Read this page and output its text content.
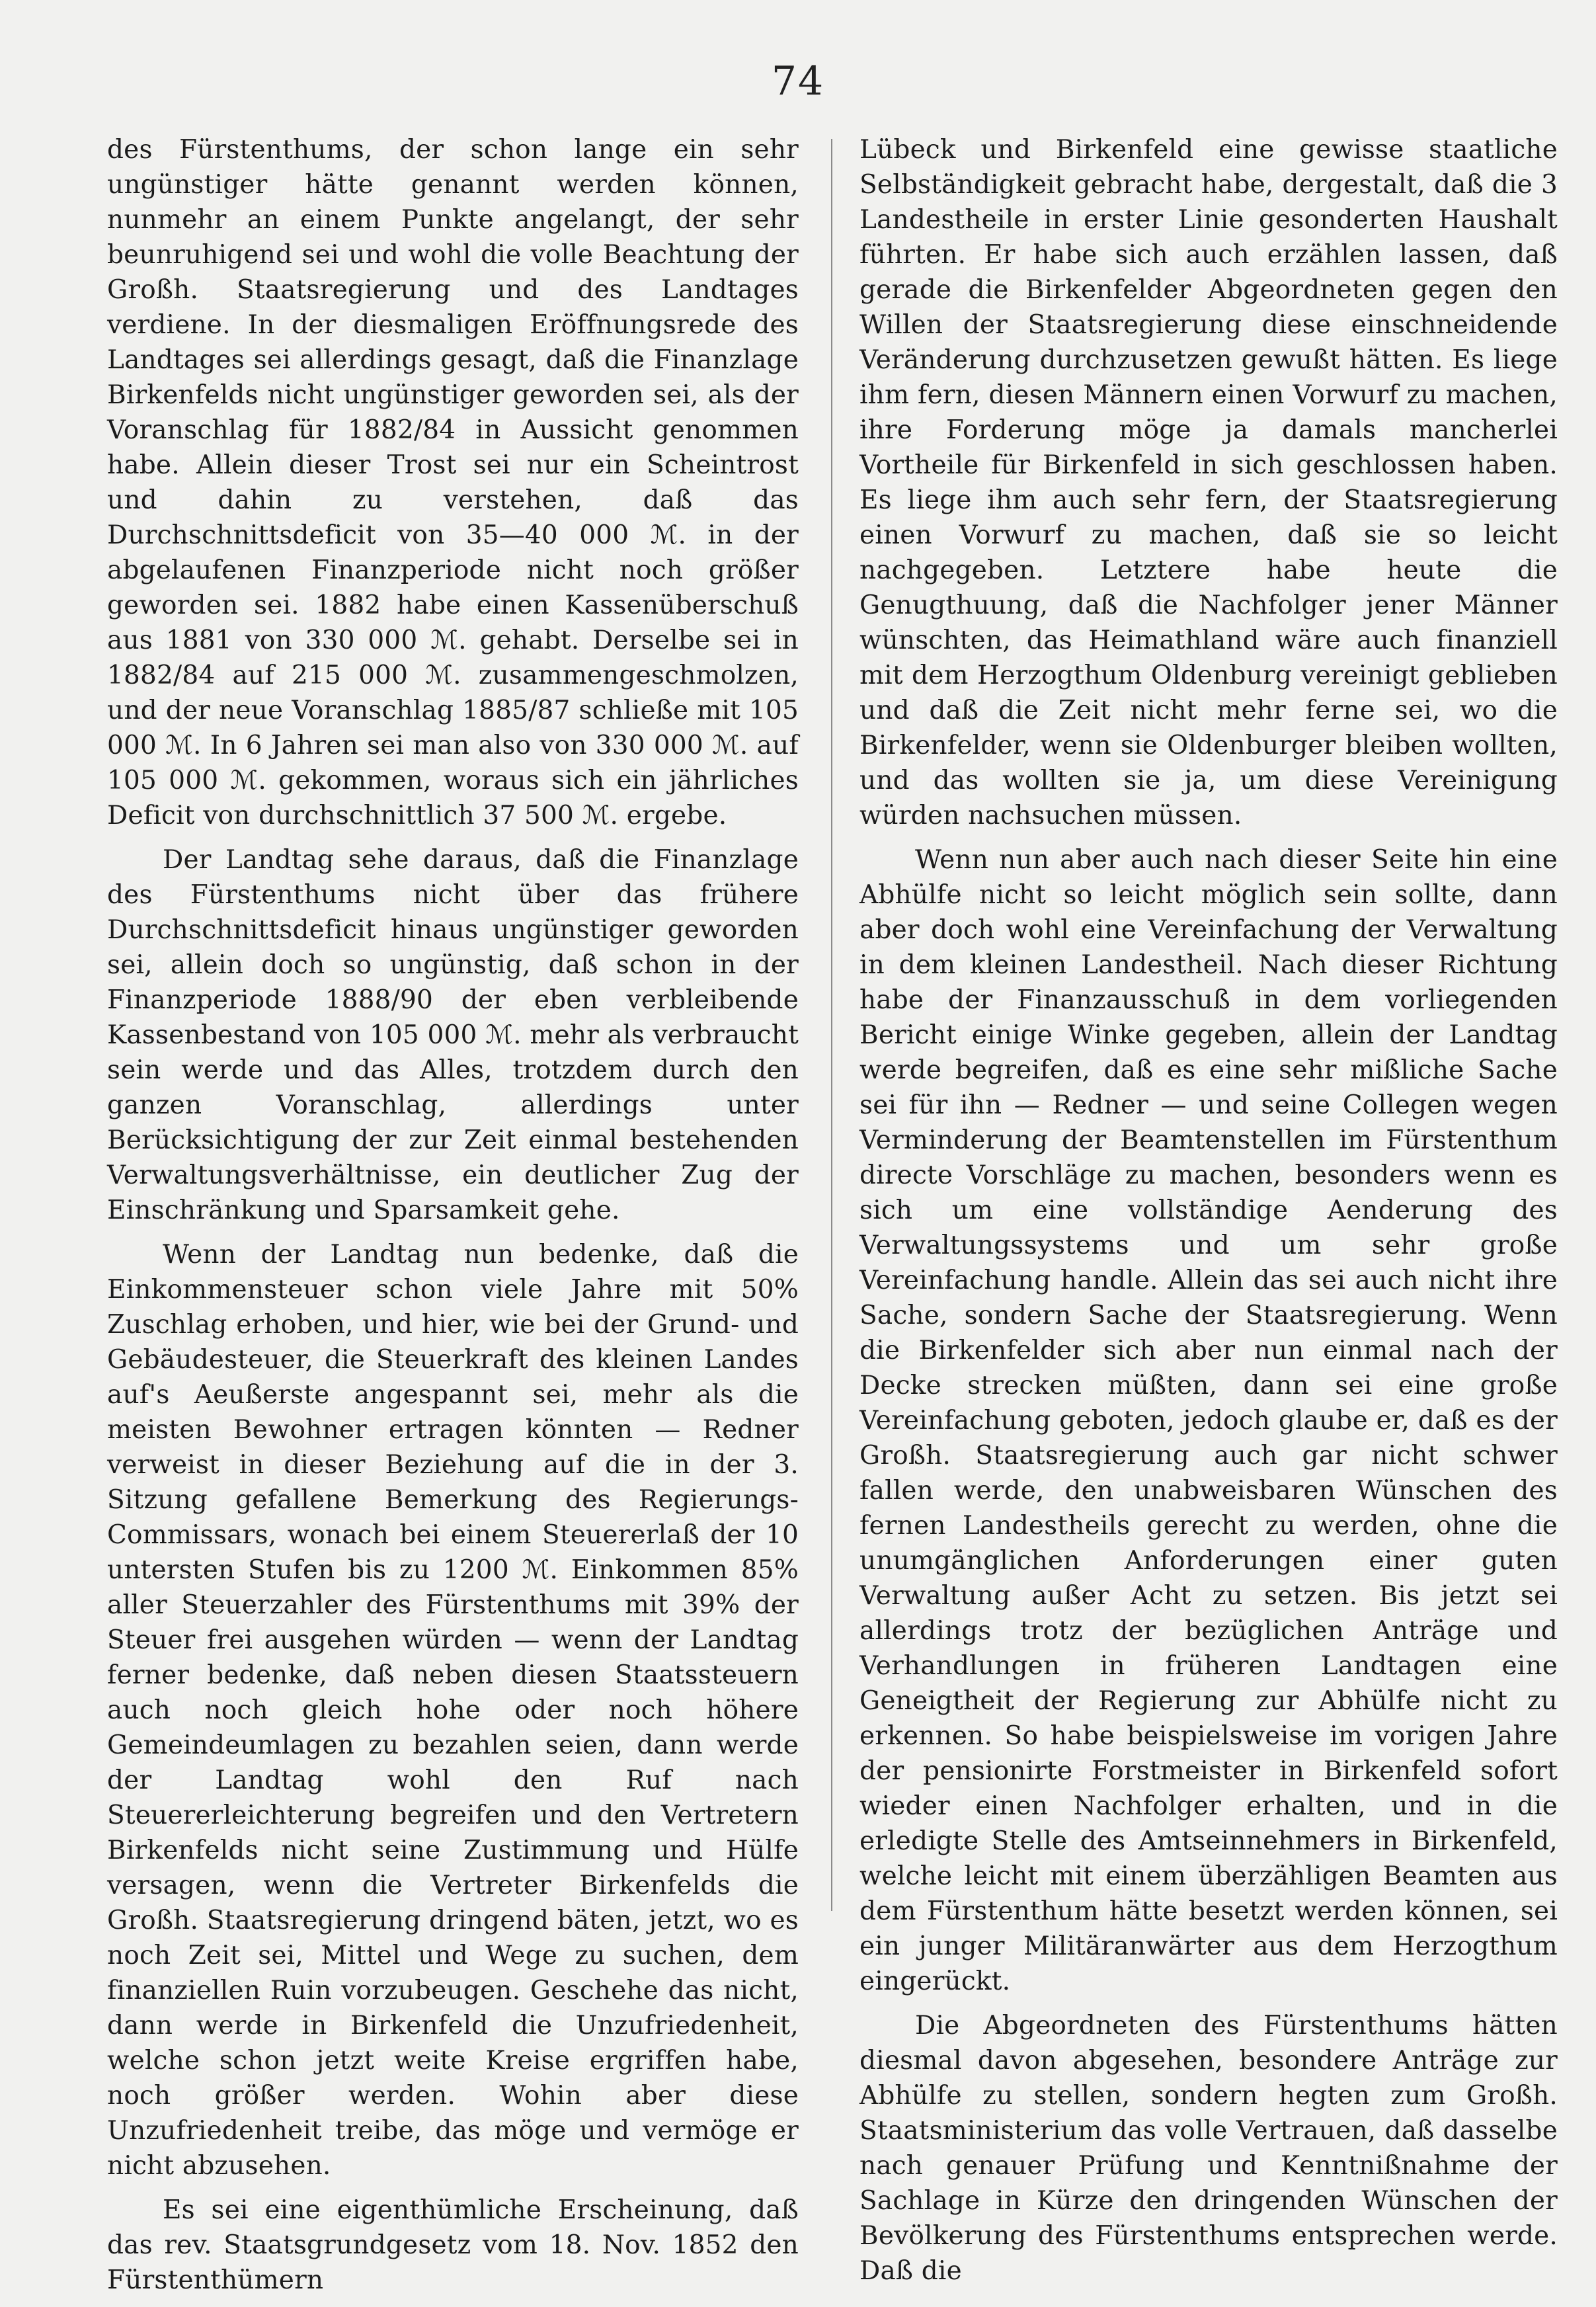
74

des Fürstenthums, der schon lange ein sehr ungünstiger hätte genannt werden können, nunmehr an einem Punkte angelangt, der sehr beunruhigend sei und wohl die volle Beachtung der Großh. Staatsregierung und des Landtages verdiene. In der diesmaligen Eröffnungsrede des Landtages sei allerdings gesagt, daß die Finanzlage Birkenfelds nicht ungünstiger geworden sei, als der Voranschlag für 1882/84 in Aussicht genommen habe. Allein dieser Trost sei nur ein Scheintrost und dahin zu verstehen, daß das Durchschnittsdeficit von 35—40 000 ℳ. in der abgelaufenen Finanzperiode nicht noch größer geworden sei. 1882 habe einen Kassenüberschuß aus 1881 von 330 000 ℳ. gehabt. Derselbe sei in 1882/84 auf 215 000 ℳ. zusammengeschmolzen, und der neue Voranschlag 1885/87 schließe mit 105 000 ℳ. In 6 Jahren sei man also von 330 000 ℳ. auf 105 000 ℳ. gekommen, woraus sich ein jährliches Deficit von durchschnittlich 37 500 ℳ. ergebe.

Der Landtag sehe daraus, daß die Finanzlage des Fürstenthums nicht über das frühere Durchschnittsdeficit hinaus ungünstiger geworden sei, allein doch so ungünstig, daß schon in der Finanzperiode 1888/90 der eben verbleibende Kassenbestand von 105 000 ℳ. mehr als verbraucht sein werde und das Alles, trotzdem durch den ganzen Voranschlag, allerdings unter Berücksichtigung der zur Zeit einmal bestehenden Verwaltungsverhältnisse, ein deutlicher Zug der Einschränkung und Sparsamkeit gehe.

Wenn der Landtag nun bedenke, daß die Einkommensteuer schon viele Jahre mit 50% Zuschlag erhoben, und hier, wie bei der Grund- und Gebäudesteuer, die Steuerkraft des kleinen Landes auf's Aeußerste angespannt sei, mehr als die meisten Bewohner ertragen könnten — Redner verweist in dieser Beziehung auf die in der 3. Sitzung gefallene Bemerkung des Regierungs-Commissars, wonach bei einem Steuererlaß der 10 untersten Stufen bis zu 1200 ℳ. Einkommen 85% aller Steuerzahler des Fürstenthums mit 39% der Steuer frei ausgehen würden — wenn der Landtag ferner bedenke, daß neben diesen Staatssteuern auch noch gleich hohe oder noch höhere Gemeindeumlagen zu bezahlen seien, dann werde der Landtag wohl den Ruf nach Steuererleichterung begreifen und den Vertretern Birkenfelds nicht seine Zustimmung und Hülfe versagen, wenn die Vertreter Birkenfelds die Großh. Staatsregierung dringend bäten, jetzt, wo es noch Zeit sei, Mittel und Wege zu suchen, dem finanziellen Ruin vorzubeugen. Geschehe das nicht, dann werde in Birkenfeld die Unzufriedenheit, welche schon jetzt weite Kreise ergriffen habe, noch größer werden. Wohin aber diese Unzufriedenheit treibe, das möge und vermöge er nicht abzusehen.

Es sei eine eigenthümliche Erscheinung, daß das rev. Staatsgrundgesetz vom 18. Nov. 1852 den Fürstenthümern

Lübeck und Birkenfeld eine gewisse staatliche Selbständigkeit gebracht habe, dergestalt, daß die 3 Landestheile in erster Linie gesonderten Haushalt führten. Er habe sich auch erzählen lassen, daß gerade die Birkenfelder Abgeordneten gegen den Willen der Staatsregierung diese einschneidende Veränderung durchzusetzen gewußt hätten. Es liege ihm fern, diesen Männern einen Vorwurf zu machen, ihre Forderung möge ja damals mancherlei Vortheile für Birkenfeld in sich geschlossen haben. Es liege ihm auch sehr fern, der Staatsregierung einen Vorwurf zu machen, daß sie so leicht nachgegeben. Letztere habe heute die Genugthuung, daß die Nachfolger jener Männer wünschten, das Heimathland wäre auch finanziell mit dem Herzogthum Oldenburg vereinigt geblieben und daß die Zeit nicht mehr ferne sei, wo die Birkenfelder, wenn sie Oldenburger bleiben wollten, und das wollten sie ja, um diese Vereinigung würden nachsuchen müssen.

Wenn nun aber auch nach dieser Seite hin eine Abhülfe nicht so leicht möglich sein sollte, dann aber doch wohl eine Vereinfachung der Verwaltung in dem kleinen Landestheil. Nach dieser Richtung habe der Finanzausschuß in dem vorliegenden Bericht einige Winke gegeben, allein der Landtag werde begreifen, daß es eine sehr mißliche Sache sei für ihn — Redner — und seine Collegen wegen Verminderung der Beamtenstellen im Fürstenthum directe Vorschläge zu machen, besonders wenn es sich um eine vollständige Aenderung des Verwaltungssystems und um sehr große Vereinfachung handle. Allein das sei auch nicht ihre Sache, sondern Sache der Staatsregierung. Wenn die Birkenfelder sich aber nun einmal nach der Decke strecken müßten, dann sei eine große Vereinfachung geboten, jedoch glaube er, daß es der Großh. Staatsregierung auch gar nicht schwer fallen werde, den unabweisbaren Wünschen des fernen Landestheils gerecht zu werden, ohne die unumgänglichen Anforderungen einer guten Verwaltung außer Acht zu setzen. Bis jetzt sei allerdings trotz der bezüglichen Anträge und Verhandlungen in früheren Landtagen eine Geneigtheit der Regierung zur Abhülfe nicht zu erkennen. So habe beispielsweise im vorigen Jahre der pensionirte Forstmeister in Birkenfeld sofort wieder einen Nachfolger erhalten, und in die erledigte Stelle des Amtseinnehmers in Birkenfeld, welche leicht mit einem überzähligen Beamten aus dem Fürstenthum hätte besetzt werden können, sei ein junger Militäranwärter aus dem Herzogthum eingerückt.

Die Abgeordneten des Fürstenthums hätten diesmal davon abgesehen, besondere Anträge zur Abhülfe zu stellen, sondern hegten zum Großh. Staatsministerium das volle Vertrauen, daß dasselbe nach genauer Prüfung und Kenntnißnahme der Sachlage in Kürze den dringenden Wünschen der Bevölkerung des Fürstenthums entsprechen werde. Daß die
